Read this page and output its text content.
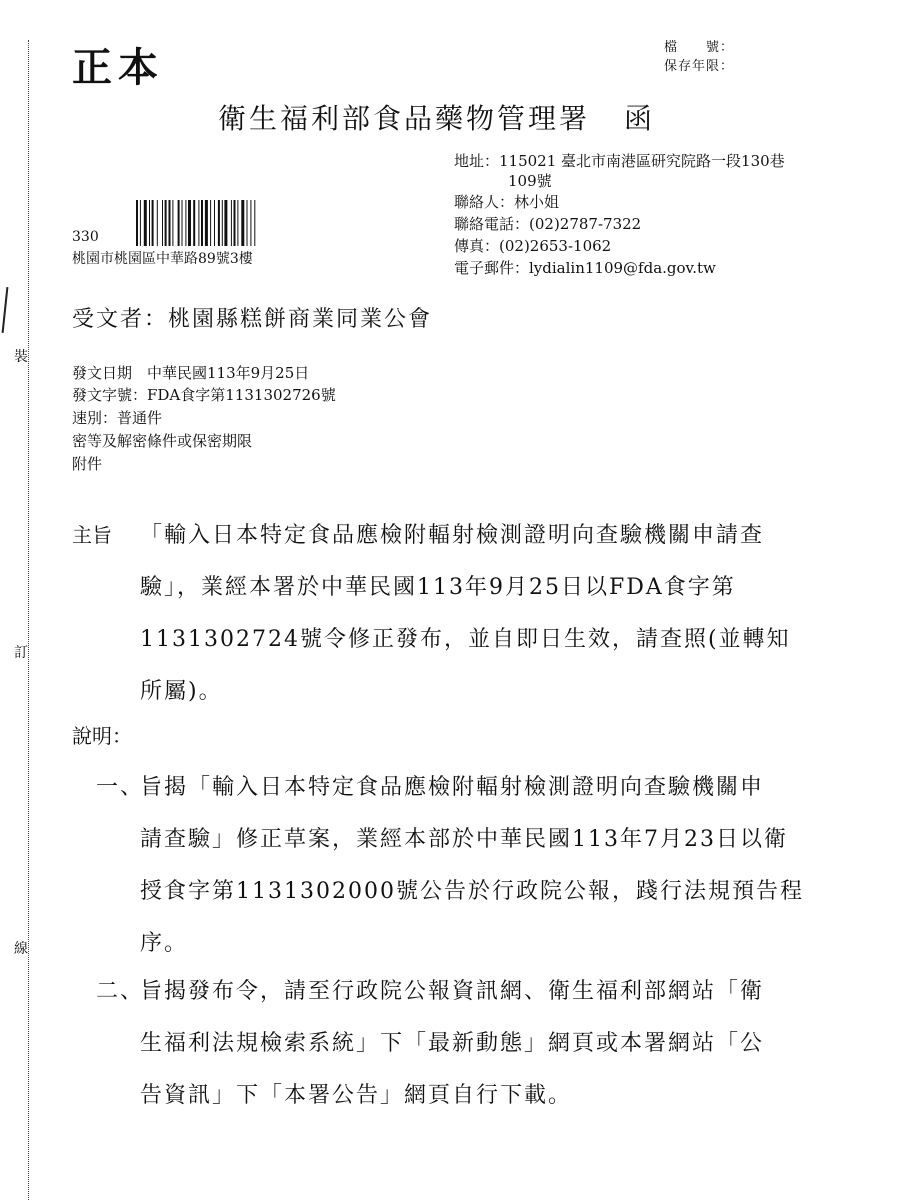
裝
訂
線
正本	檔　　號：
保存年限：
衛生福利部食品藥物管理署 函
地址：115021 臺北市南港區研究院路一段130巷
109號
聯絡人：林小姐
聯絡電話：(02)2787-7322
傳真：(02)2653-1062
電子郵件：lydialin1109@fda.gov.tw
330
桃園市桃園區中華路89號3樓
受文者：桃園縣糕餅商業同業公會
發文日期　中華民國113年9月25日
發文字號：FDA食字第1131302726號
速別：普通件
密等及解密條件或保密期限
附件
主旨 「輸入日本特定食品應檢附輻射檢測證明向查驗機關申請查
驗」，業經本署於中華民國113年9月25日以FDA食字第
1131302724號令修正發布，並自即日生效，請查照(並轉知
所屬)。
說明：
一、
旨揭「輸入日本特定食品應檢附輻射檢測證明向查驗機關申
請查驗」修正草案，業經本部於中華民國113年7月23日以衛
授食字第1131302000號公告於行政院公報，踐行法規預告程
序。
二、
旨揭發布令，請至行政院公報資訊網、衛生福利部網站「衛
生福利法規檢索系統」下「最新動態」網頁或本署網站「公
告資訊」下「本署公告」網頁自行下載。
